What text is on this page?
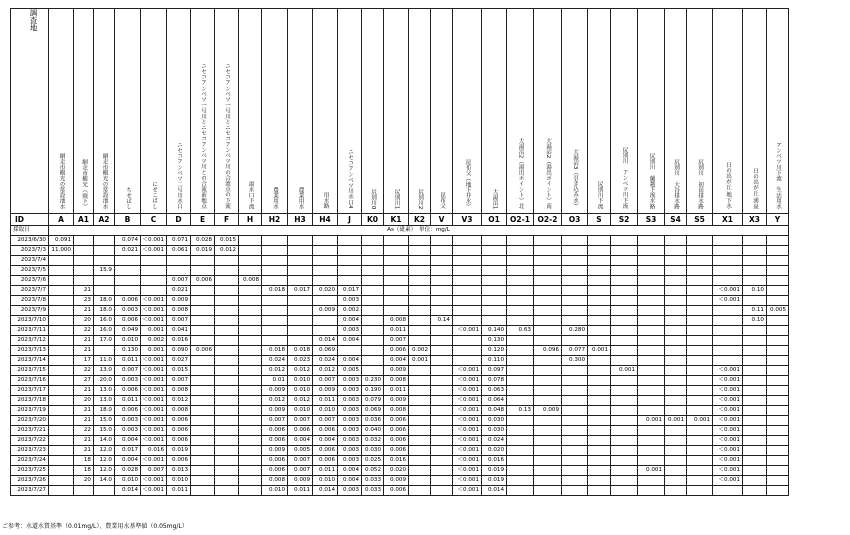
調査地	網走市観光の常設池水	網走市観光（雨下）	網走市観光の常設池水	ちせばし	にせこばし	ニセコアンベツ二号川水口	ニセコアンベツ一号川とニセコアンベツ川との合流前地点	ニセコアンベツ一号川とニセコアンベツ川の合流点の下流	湯水口下流	農業用水	農業用水	用水路	ニセコアンベツ川水口4	尻別川0	尻別川1	尻別川2	昆布父	昆布父（地下井水）	大湯沼1	大湯沼2（湯出ポイント）北	大湯沼2（湯出ポイント）南	大湯沼3（引き込み水）	尻別川下流	尻別川　アンベツ川下流	尻別川　蘭越下流水路	尻別川　大谷排水路	尻別川　初田排水路	日の出が丘 地下水	日の出が丘 湧泉	アンベツ川下流　生活用水

ID	A	A1	A2	B	C	D	E	F	H	H2	H3	H4	J	K0	K1	K2	V	V3	O1	O2-1	O2-2	O3	S	S2	S3	S4	S5	X1	X3	Y
採取日	As（砒素）　単位：mg/L																													
2023/6/30	0.091			0.074	＜0.001	0.071	0.028	0.015																						
2023/7/3	11.000			0.021	＜0.001	0.061	0.019	0.012																						
2023/7/4																														
2023/7/5			15.9																											
2023/7/6						0.007	0.006		0.008																					
2023/7/7		21				0.021				0.018	0.017	0.020	0.017															＜0.001	0.10	
2023/7/8		23	18.0	0.006	＜0.001	0.009							0.003															＜0.001		
2023/7/9		21	18.0	0.003	＜0.001	0.008						0.009	0.002																0.11	0.005
2023/7/10		20	16.0	0.006	＜0.001	0.007							0.004		0.008		0.14												0.10	
2023/7/11		22	16.0	0.049	0.001	0.041							0.003		0.011			＜0.001	0.140	0.63		0.280								
2023/7/12		21	17.0	0.010	0.002	0.016						0.014	0.004		0.007				0.130											
2023/7/13		21		0.130	0.001	0.090	0.006			0.018	0.018	0.069			0.006	0.002			0.120		0.096	0.077	0.001							
2023/7/14		17	11.0	0.011	＜0.001	0.027				0.024	0.023	0.024	0.004		0.004	0.001			0.110			0.300								
2023/7/15		22	13.0	0.007	＜0.001	0.015				0.012	0.012	0.012	0.005		0.009			＜0.001	0.097					0.001				＜0.001		
2023/7/16		27	20.0	0.003	＜0.001	0.007				0.01	0.010	0.007	0.003	0.230	0.008			＜0.001	0.078									＜0.001		
2023/7/17		21	13.0	0.006	＜0.001	0.008				0.009	0.010	0.009	0.003	0.190	0.011			＜0.001	0.063									＜0.001		
2023/7/18		20	13.0	0.011	＜0.001	0.012				0.012	0.012	0.011	0.003	0.079	0.009			＜0.001	0.064									＜0.001		
2023/7/19		21	18.0	0.006	＜0.001	0.008				0.009	0.010	0.010	0.003	0.069	0.008			＜0.001	0.048	0.13	0.009							＜0.001		
2023/7/20		21	15.0	0.003	＜0.001	0.006				0.007	0.007	0.007	0.003	0.036	0.006			＜0.001	0.030						0.001	0.001	0.001	＜0.001		
2023/7/21		22	15.0	0.003	＜0.001	0.006				0.006	0.006	0.006	0.003	0.040	0.006			＜0.001	0.030									＜0.001		
2023/7/22		21	14.0	0.004	＜0.001	0.006				0.006	0.004	0.004	0.003	0.032	0.006			＜0.001	0.024									＜0.001		
2023/7/23		21	12.0	0.017	0.016	0.019				0.009	0.005	0.006	0.003	0.030	0.006			＜0.001	0.020									＜0.001		
2023/7/24		18	12.0	0.004	＜0.001	0.006				0.006	0.007	0.006	0.003	0.025	0.016			＜0.001	0.016									＜0.001		
2023/7/25		18	12.0	0.028	0.007	0.013				0.006	0.007	0.011	0.004	0.052	0.020			＜0.001	0.019						0.001			＜0.001		
2023/7/26		20	14.0	0.010	＜0.001	0.010				0.008	0.009	0.010	0.004	0.033	0.009			＜0.001	0.019									＜0.001		
2023/7/27				0.014	＜0.001	0.011				0.010	0.011	0.014	0.003	0.033	0.006			＜0.001	0.014											
ご参考：水道水質基準（0.01mg/L）、農業用水基準値（0.05mg/L）
